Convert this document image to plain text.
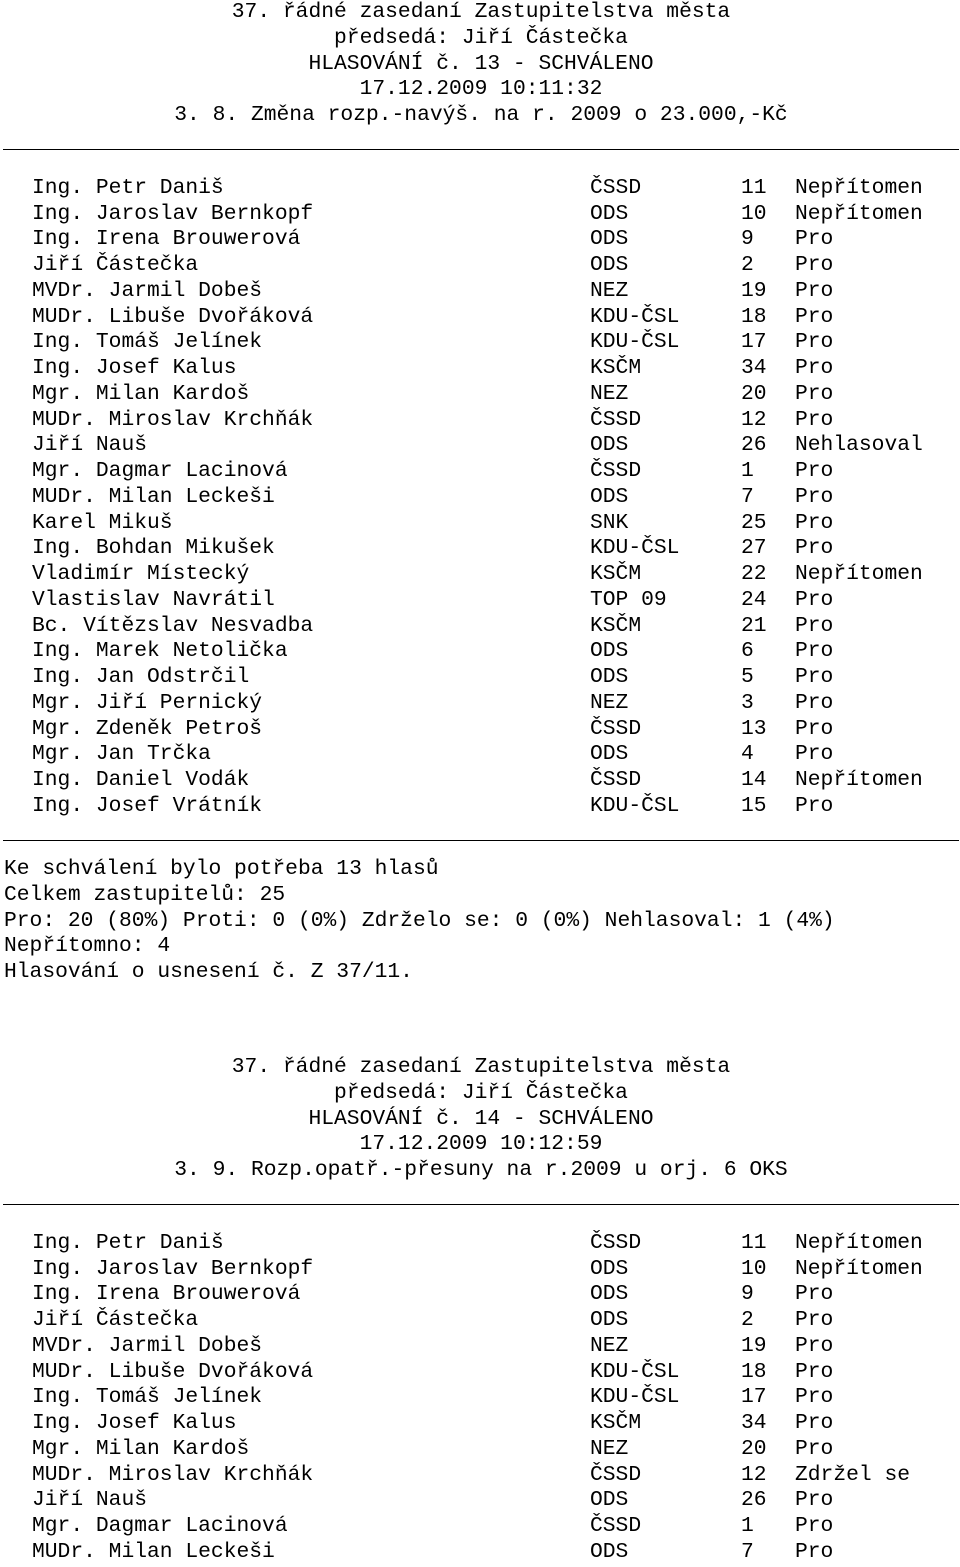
37. řádné zasedaní Zastupitelstva města
předsedá: Jiří Částečka
HLASOVÁNÍ č. 13 - SCHVÁLENO
17.12.2009 10:11:32
3. 8. Změna rozp.-navýš. na r. 2009 o 23.000,-Kč
Ing. Petr Daniš	ČSSD	11 Nepřítomen
Ing. Jaroslav Bernkopf	ODS	10 Nepřítomen
Ing. Irena Brouwerová	ODS	9 Pro
Jiří Částečka	ODS	2 Pro
MVDr. Jarmil Dobeš	NEZ	19 Pro
MUDr. Libuše Dvořáková	KDU-ČSL	18 Pro
Ing. Tomáš Jelínek	KDU-ČSL	17 Pro
Ing. Josef Kalus	KSČM	34 Pro
Mgr. Milan Kardoš	NEZ	20 Pro
MUDr. Miroslav Krchňák	ČSSD	12 Pro
Jiří Nauš	ODS	26 Nehlasoval
Mgr. Dagmar Lacinová	ČSSD	1 Pro
MUDr. Milan Leckeši	ODS	7 Pro
Karel Mikuš	SNK	25 Pro
Ing. Bohdan Mikušek	KDU-ČSL	27 Pro
Vladimír Místecký	KSČM	22 Nepřítomen
Vlastislav Navrátil	TOP 09	24 Pro
Bc. Vítězslav Nesvadba	KSČM	21 Pro
Ing. Marek Netolička	ODS	6 Pro
Ing. Jan Odstrčil	ODS	5 Pro
Mgr. Jiří Pernický	NEZ	3 Pro
Mgr. Zdeněk Petroš	ČSSD	13 Pro
Mgr. Jan Trčka	ODS	4 Pro
Ing. Daniel Vodák	ČSSD	14 Nepřítomen
Ing. Josef Vrátník	KDU-ČSL	15 Pro
Ke schválení bylo potřeba 13 hlasů
Celkem zastupitelů: 25
Pro: 20 (80%) Proti: 0 (0%) Zdrželo se: 0 (0%) Nehlasoval: 1 (4%)
Nepřítomno: 4
Hlasování o usnesení č. Z 37/11.
37. řádné zasedaní Zastupitelstva města
předsedá: Jiří Částečka
HLASOVÁNÍ č. 14 - SCHVÁLENO
17.12.2009 10:12:59
3. 9. Rozp.opatř.-přesuny na r.2009 u orj. 6 OKS
Ing. Petr Daniš	ČSSD	11 Nepřítomen
Ing. Jaroslav Bernkopf	ODS	10 Nepřítomen
Ing. Irena Brouwerová	ODS	9 Pro
Jiří Částečka	ODS	2 Pro
MVDr. Jarmil Dobeš	NEZ	19 Pro
MUDr. Libuše Dvořáková	KDU-ČSL	18 Pro
Ing. Tomáš Jelínek	KDU-ČSL	17 Pro
Ing. Josef Kalus	KSČM	34 Pro
Mgr. Milan Kardoš	NEZ	20 Pro
MUDr. Miroslav Krchňák	ČSSD	12 Zdržel se
Jiří Nauš	ODS	26 Pro
Mgr. Dagmar Lacinová	ČSSD	1 Pro
MUDr. Milan Leckeši	ODS	7 Pro
